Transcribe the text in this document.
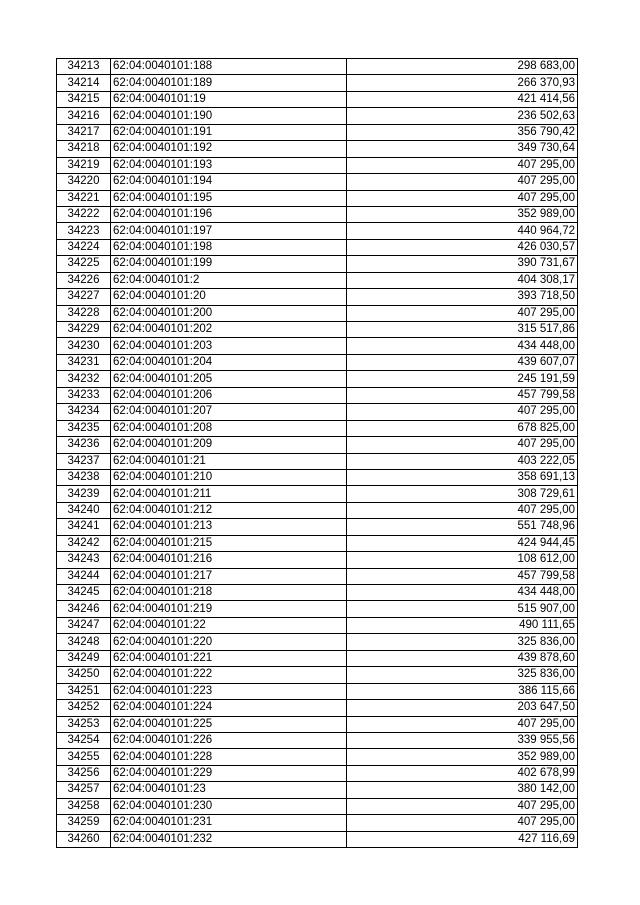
34213	62:04:0040101:188	298 683,00
34214	62:04:0040101:189	266 370,93
34215	62:04:0040101:19	421 414,56
34216	62:04:0040101:190	236 502,63
34217	62:04:0040101:191	356 790,42
34218	62:04:0040101:192	349 730,64
34219	62:04:0040101:193	407 295,00
34220	62:04:0040101:194	407 295,00
34221	62:04:0040101:195	407 295,00
34222	62:04:0040101:196	352 989,00
34223	62:04:0040101:197	440 964,72
34224	62:04:0040101:198	426 030,57
34225	62:04:0040101:199	390 731,67
34226	62:04:0040101:2	404 308,17
34227	62:04:0040101:20	393 718,50
34228	62:04:0040101:200	407 295,00
34229	62:04:0040101:202	315 517,86
34230	62:04:0040101:203	434 448,00
34231	62:04:0040101:204	439 607,07
34232	62:04:0040101:205	245 191,59
34233	62:04:0040101:206	457 799,58
34234	62:04:0040101:207	407 295,00
34235	62:04:0040101:208	678 825,00
34236	62:04:0040101:209	407 295,00
34237	62:04:0040101:21	403 222,05
34238	62:04:0040101:210	358 691,13
34239	62:04:0040101:211	308 729,61
34240	62:04:0040101:212	407 295,00
34241	62:04:0040101:213	551 748,96
34242	62:04:0040101:215	424 944,45
34243	62:04:0040101:216	108 612,00
34244	62:04:0040101:217	457 799,58
34245	62:04:0040101:218	434 448,00
34246	62:04:0040101:219	515 907,00
34247	62:04:0040101:22	490 111,65
34248	62:04:0040101:220	325 836,00
34249	62:04:0040101:221	439 878,60
34250	62:04:0040101:222	325 836,00
34251	62:04:0040101:223	386 115,66
34252	62:04:0040101:224	203 647,50
34253	62:04:0040101:225	407 295,00
34254	62:04:0040101:226	339 955,56
34255	62:04:0040101:228	352 989,00
34256	62:04:0040101:229	402 678,99
34257	62:04:0040101:23	380 142,00
34258	62:04:0040101:230	407 295,00
34259	62:04:0040101:231	407 295,00
34260	62:04:0040101:232	427 116,69
